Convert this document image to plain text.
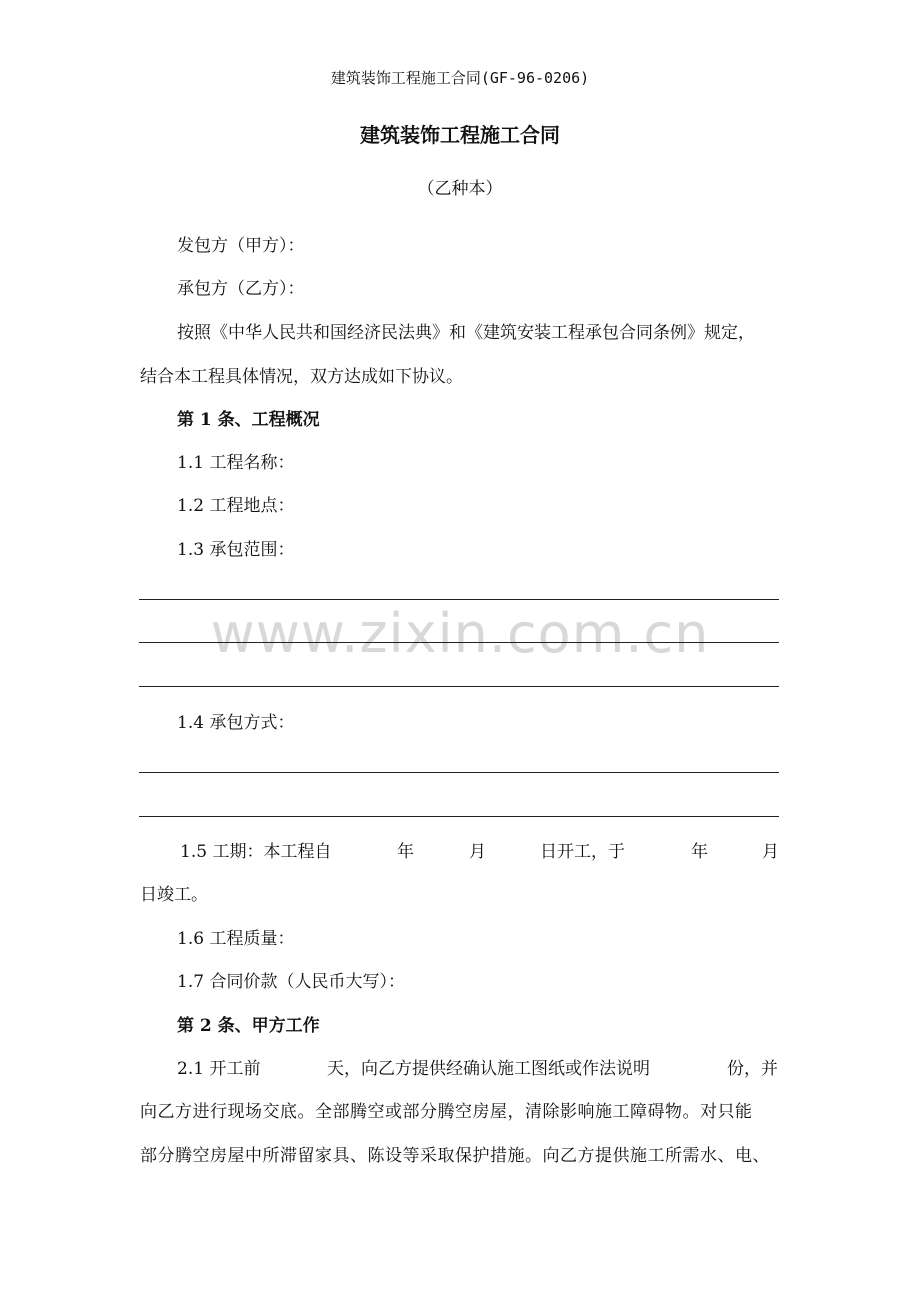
www.zixin.com.cn
建筑装饰工程施工合同(GF-96-0206)
建筑装饰工程施工合同
（乙种本）
发包方（甲方）：
承包方（乙方）：
按照《中华人民共和国经济民法典》和《建筑安装工程承包合同条例》规定，
结合本工程具体情况，双方达成如下协议。
第 1 条、工程概况
1.1 工程名称：
1.2 工程地点：
1.3 承包范围：
1.4 承包方式：
1.5 工期：本工程自	年	月	日开工，于	年	月
日竣工。
1.6 工程质量：
1.7 合同价款（人民币大写）：
第 2 条、甲方工作
2.1 开工前	天，向乙方提供经确认施工图纸或作法说明	份，并
向乙方进行现场交底。全部腾空或部分腾空房屋，清除影响施工障碍物。对只能
部分腾空房屋中所滞留家具、陈设等采取保护措施。向乙方提供施工所需水、电、
